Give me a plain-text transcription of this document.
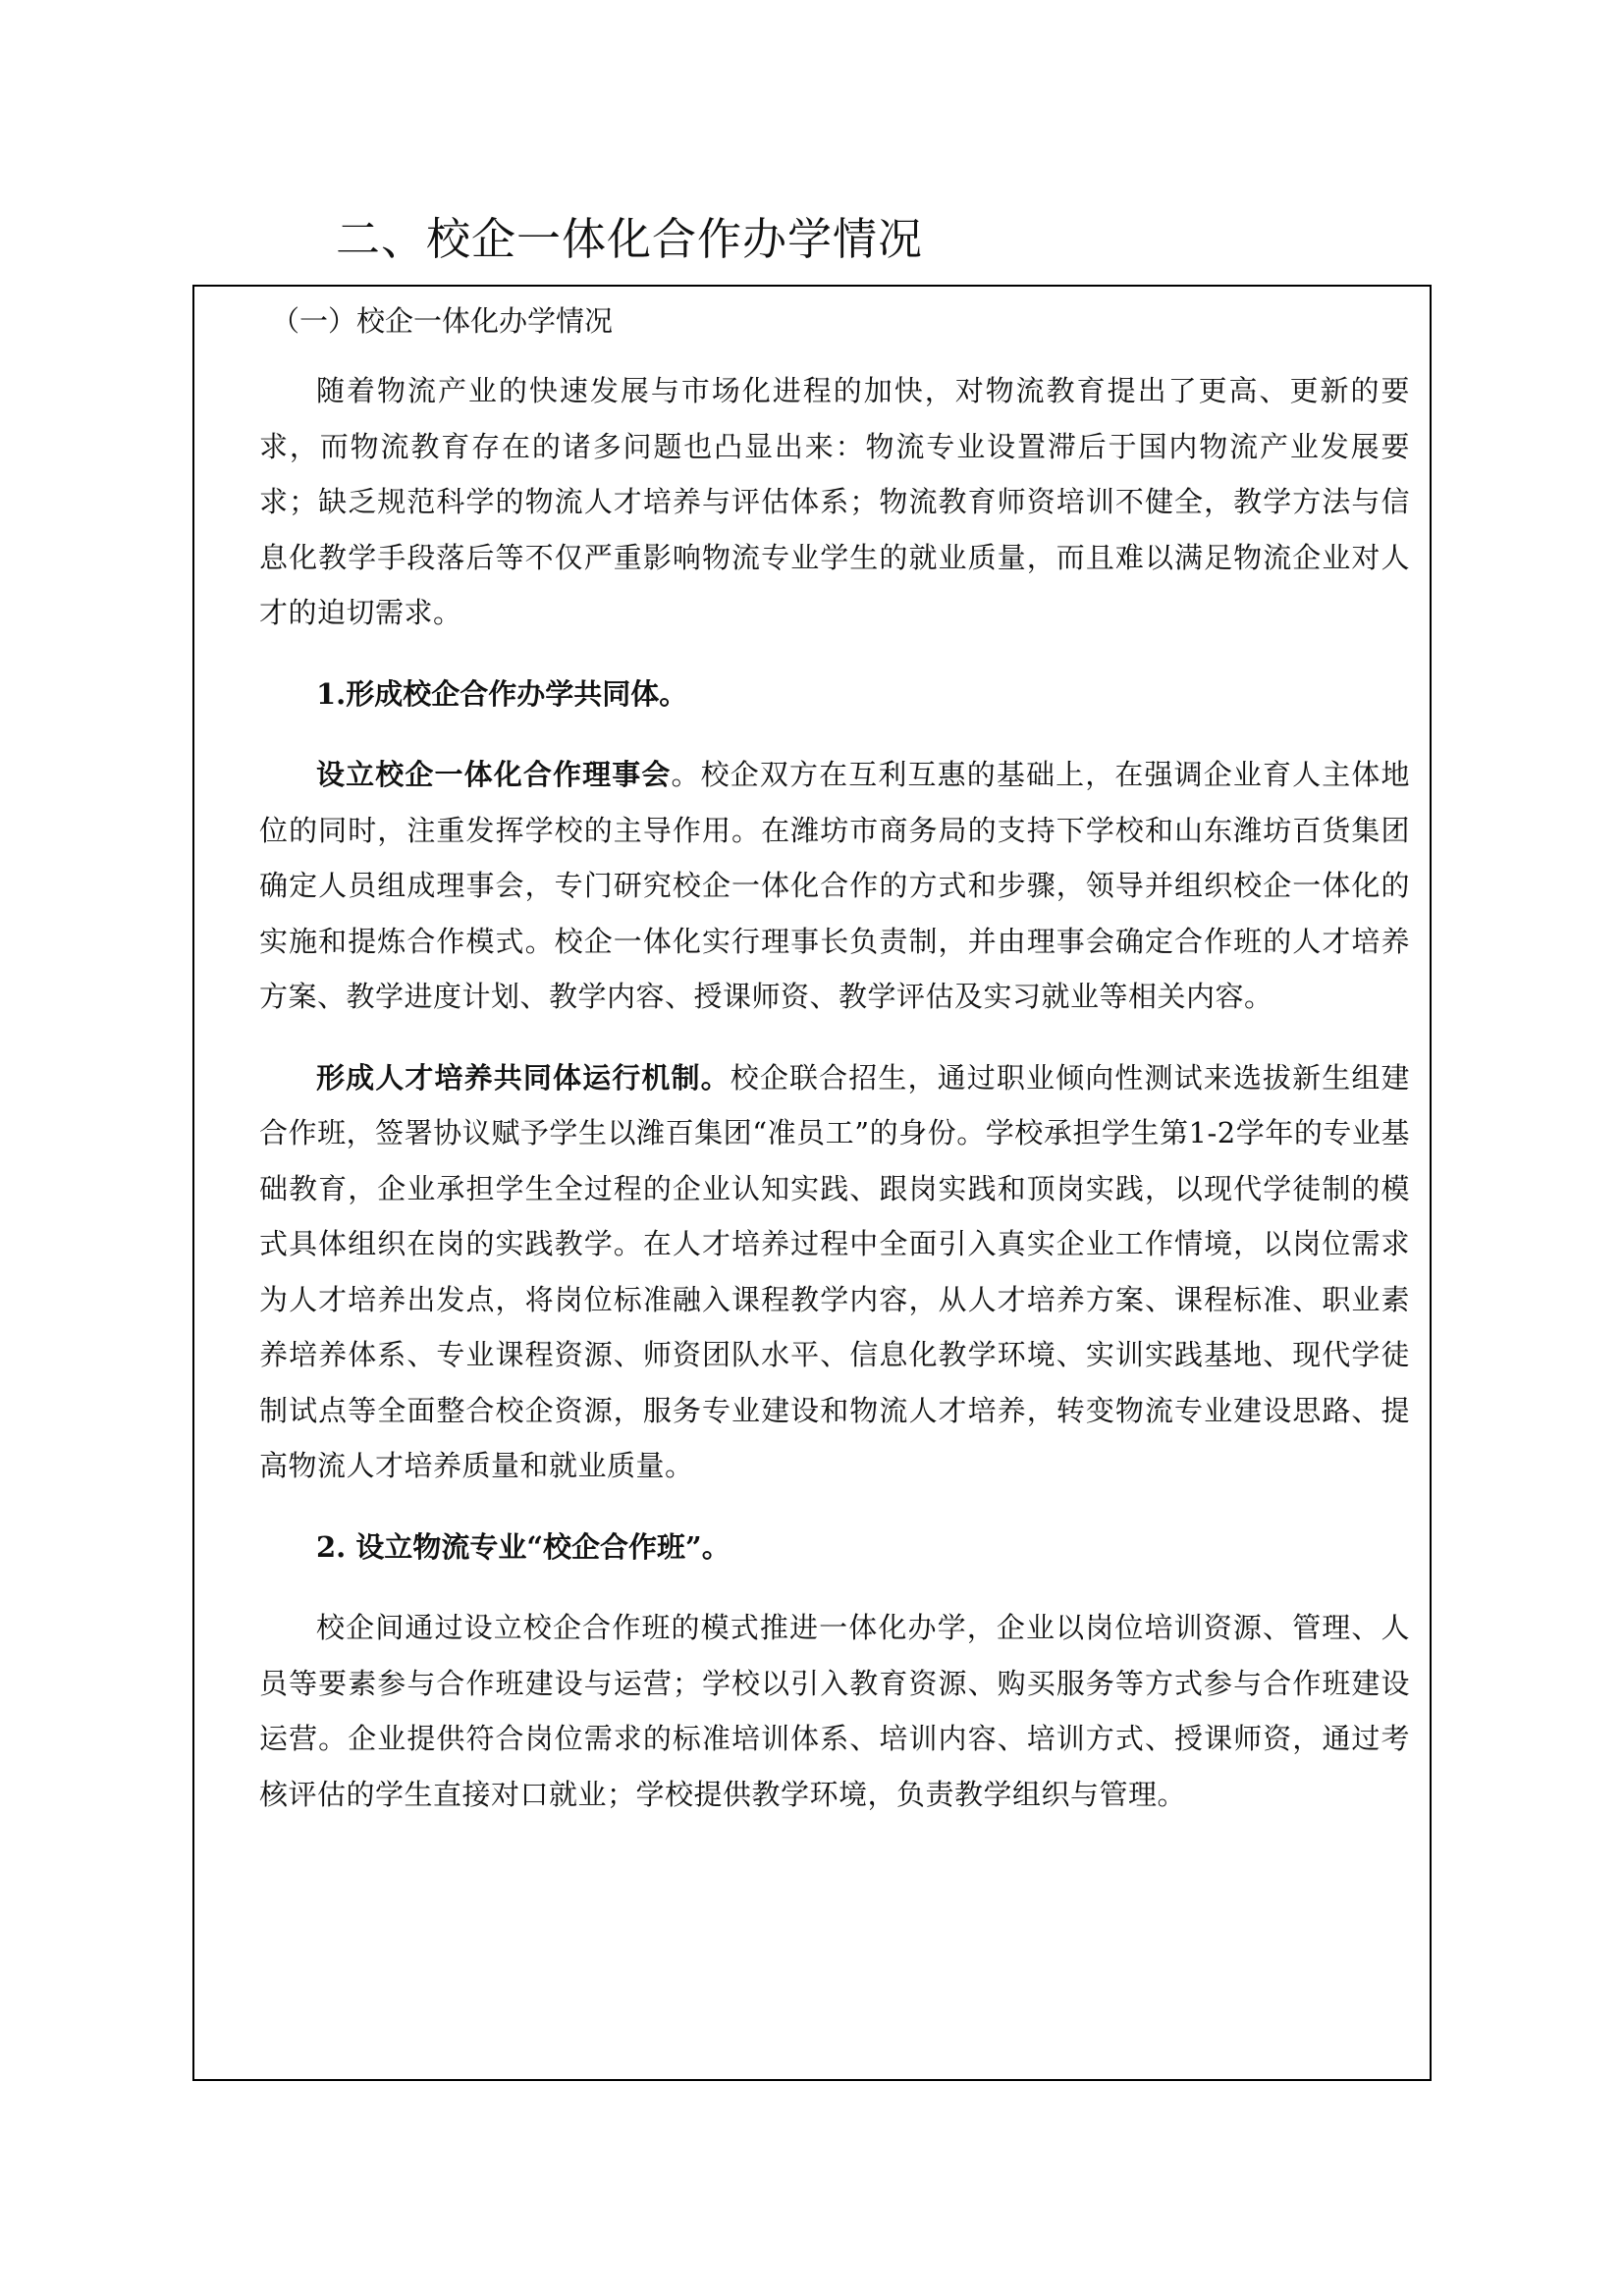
二、校企一体化合作办学情况
（一）校企一体化办学情况

随着物流产业的快速发展与市场化进程的加快，对物流教育提出了更高、更新的要求，而物流教育存在的诸多问题也凸显出来：物流专业设置滞后于国内物流产业发展要求；缺乏规范科学的物流人才培养与评估体系；物流教育师资培训不健全，教学方法与信息化教学手段落后等不仅严重影响物流专业学生的就业质量，而且难以满足物流企业对人才的迫切需求。

1.形成校企合作办学共同体。

设立校企一体化合作理事会。校企双方在互利互惠的基础上，在强调企业育人主体地位的同时，注重发挥学校的主导作用。在潍坊市商务局的支持下学校和山东潍坊百货集团确定人员组成理事会，专门研究校企一体化合作的方式和步骤，领导并组织校企一体化的实施和提炼合作模式。校企一体化实行理事长负责制，并由理事会确定合作班的人才培养方案、教学进度计划、教学内容、授课师资、教学评估及实习就业等相关内容。

形成人才培养共同体运行机制。校企联合招生，通过职业倾向性测试来选拔新生组建合作班，签署协议赋予学生以潍百集团“准员工”的身份。学校承担学生第1-2学年的专业基础教育，企业承担学生全过程的企业认知实践、跟岗实践和顶岗实践，以现代学徒制的模式具体组织在岗的实践教学。在人才培养过程中全面引入真实企业工作情境，以岗位需求为人才培养出发点，将岗位标准融入课程教学内容，从人才培养方案、课程标准、职业素养培养体系、专业课程资源、师资团队水平、信息化教学环境、实训实践基地、现代学徒制试点等全面整合校企资源，服务专业建设和物流人才培养，转变物流专业建设思路、提高物流人才培养质量和就业质量。

2. 设立物流专业“校企合作班”。

校企间通过设立校企合作班的模式推进一体化办学，企业以岗位培训资源、管理、人员等要素参与合作班建设与运营；学校以引入教育资源、购买服务等方式参与合作班建设运营。企业提供符合岗位需求的标准培训体系、培训内容、培训方式、授课师资，通过考核评估的学生直接对口就业；学校提供教学环境，负责教学组织与管理。
